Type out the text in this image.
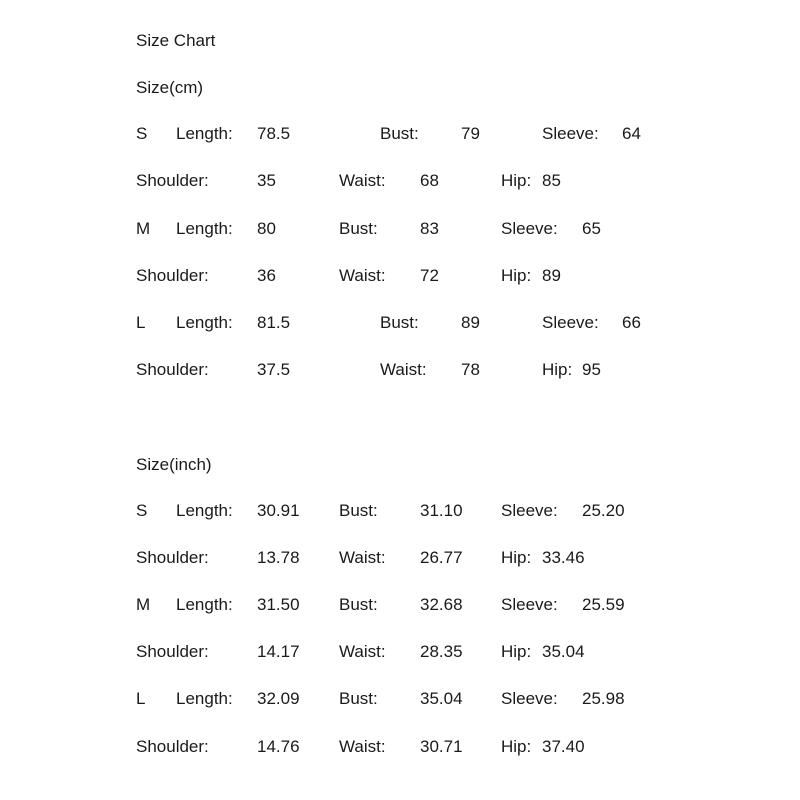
Size Chart
Size(cm)
S Length: 78.5	Bust: 79	Sleeve: 64
Shoulder:	35	Waist: 68	Hip: 85
M Length: 80	Bust: 83	Sleeve: 65
Shoulder:	36	Waist: 72	Hip: 89
L Length: 81.5	Bust: 89	Sleeve: 66
Shoulder:	37.5	Waist: 78	Hip: 95
Size(inch)
S Length: 30.91 Bust: 31.10 Sleeve: 25.20
Shoulder:	13.78 Waist: 26.77 Hip: 33.46
M Length: 31.50 Bust: 32.68 Sleeve: 25.59
Shoulder:	14.17 Waist: 28.35 Hip: 35.04
L Length: 32.09 Bust: 35.04 Sleeve: 25.98
Shoulder:	14.76 Waist: 30.71 Hip: 37.40
